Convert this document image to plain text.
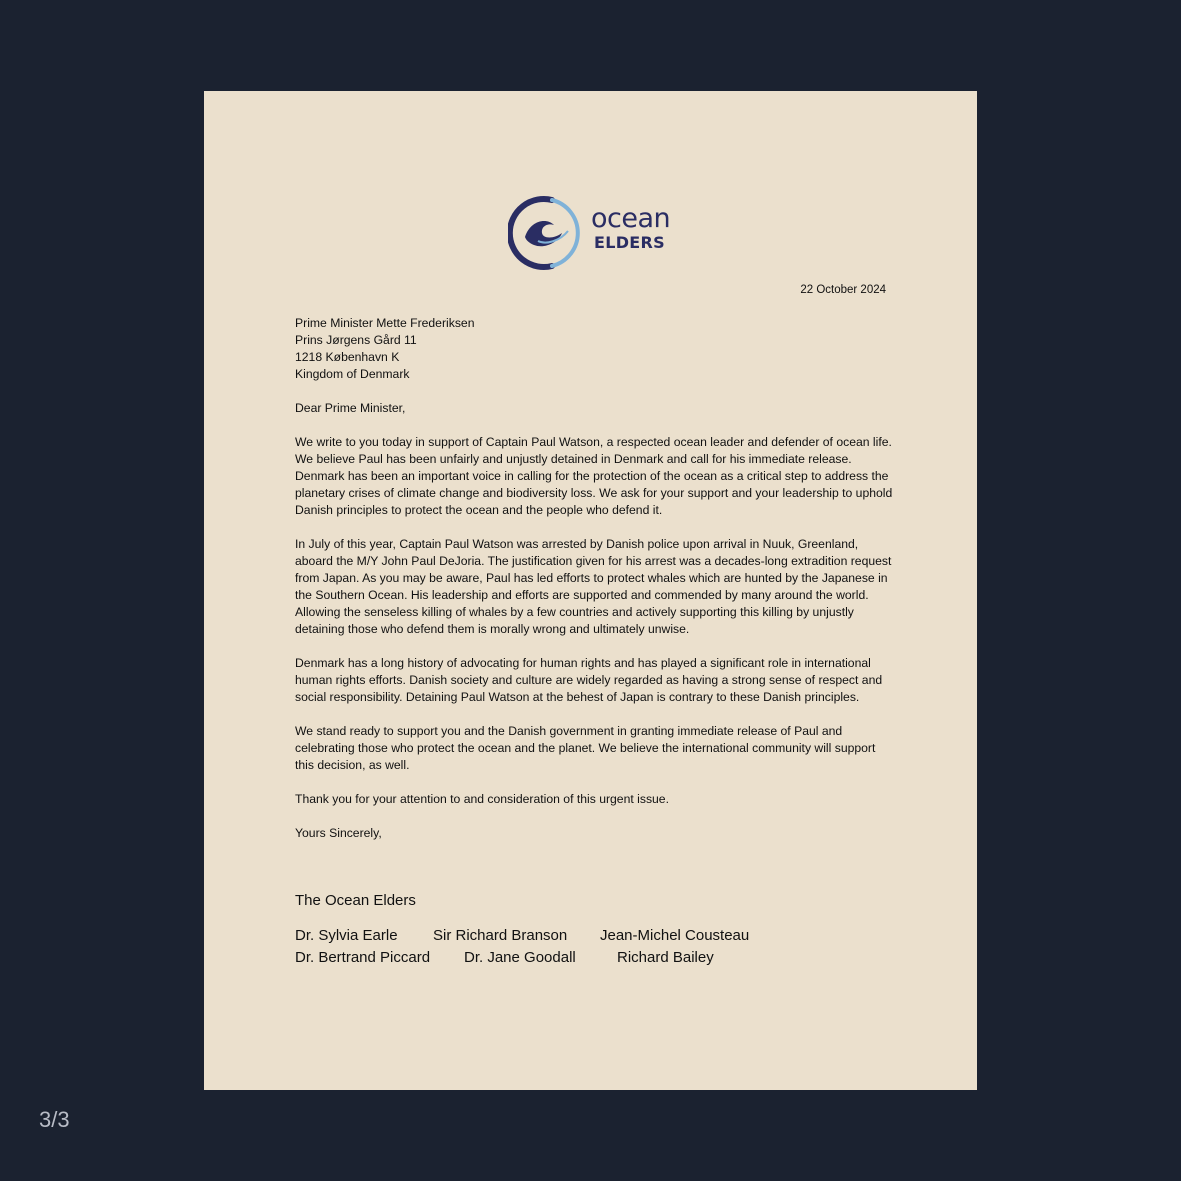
ocean
ELDERS
22 October 2024

Prime Minister Mette Frederiksen
Prins Jørgens Gård 11
1218 København K
Kingdom of Denmark

Dear Prime Minister,

We write to you today in support of Captain Paul Watson, a respected ocean leader and defender of ocean life. We believe Paul has been unfairly and unjustly detained in Denmark and call for his immediate release. Denmark has been an important voice in calling for the protection of the ocean as a critical step to address the planetary crises of climate change and biodiversity loss. We ask for your support and your leadership to uphold Danish principles to protect the ocean and the people who defend it.

In July of this year, Captain Paul Watson was arrested by Danish police upon arrival in Nuuk, Greenland, aboard the M/Y John Paul DeJoria. The justification given for his arrest was a decades-long extradition request from Japan. As you may be aware, Paul has led efforts to protect whales which are hunted by the Japanese in the Southern Ocean. His leadership and efforts are supported and commended by many around the world. Allowing the senseless killing of whales by a few countries and actively supporting this killing by unjustly detaining those who defend them is morally wrong and ultimately unwise.

Denmark has a long history of advocating for human rights and has played a significant role in international human rights efforts. Danish society and culture are widely regarded as having a strong sense of respect and social responsibility. Detaining Paul Watson at the behest of Japan is contrary to these Danish principles.

We stand ready to support you and the Danish government in granting immediate release of Paul and celebrating those who protect the ocean and the planet. We believe the international community will support this decision, as well.

Thank you for your attention to and consideration of this urgent issue.

Yours Sincerely,

The Ocean Elders
Dr. Sylvia Earle Sir Richard Branson Jean-Michel Cousteau
Dr. Bertrand Piccard Dr. Jane Goodall	Richard Bailey
3/3
